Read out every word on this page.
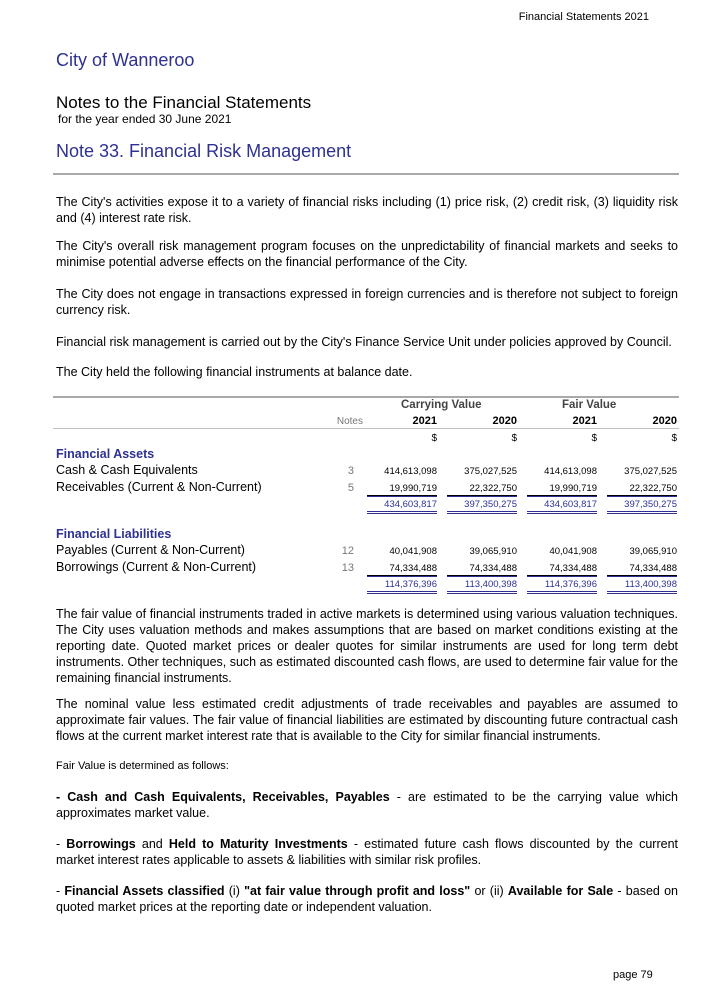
Financial Statements 2021
City of Wanneroo
Notes to the Financial Statements
for the year ended 30 June 2021
Note 33. Financial Risk Management
The City's activities expose it to a variety of financial risks including (1) price risk, (2) credit risk, (3) liquidity risk and (4) interest rate risk.
The City's overall risk management program focuses on the unpredictability of financial markets and seeks to minimise potential adverse effects on the financial performance of the City.
The City does not engage in transactions expressed in foreign currencies and is therefore not subject to foreign currency risk.
Financial risk management is carried out by the City's Finance Service Unit under policies approved by Council.
The City held the following financial instruments at balance date.
Carrying Value	Fair Value
Notes	2021	2020	2021	2020
$	$	$	$
Financial Assets
Cash & Cash Equivalents	3	414,613,098	375,027,525	414,613,098	375,027,525
Receivables (Current & Non-Current)	5	19,990,719	22,322,750	19,990,719	22,322,750
434,603,817	397,350,275	434,603,817	397,350,275
Financial Liabilities
Payables (Current & Non-Current)	12	40,041,908	39,065,910	40,041,908	39,065,910
Borrowings (Current & Non-Current)	13	74,334,488	74,334,488	74,334,488	74,334,488
114,376,396	113,400,398	114,376,396	113,400,398
The fair value of financial instruments traded in active markets is determined using various valuation techniques. The City uses valuation methods and makes assumptions that are based on market conditions existing at the reporting date. Quoted market prices or dealer quotes for similar instruments are used for long term debt instruments. Other techniques, such as estimated discounted cash flows, are used to determine fair value for the remaining financial instruments.
The nominal value less estimated credit adjustments of trade receivables and payables are assumed to approximate fair values. The fair value of financial liabilities are estimated by discounting future contractual cash flows at the current market interest rate that is available to the City for similar financial instruments.
Fair Value is determined as follows:
- Cash and Cash Equivalents, Receivables, Payables - are estimated to be the carrying value which approximates market value.
- Borrowings and Held to Maturity Investments - estimated future cash flows discounted by the current market interest rates applicable to assets & liabilities with similar risk profiles.
- Financial Assets classified (i) "at fair value through profit and loss" or (ii) Available for Sale - based on quoted market prices at the reporting date or independent valuation.
page 79
